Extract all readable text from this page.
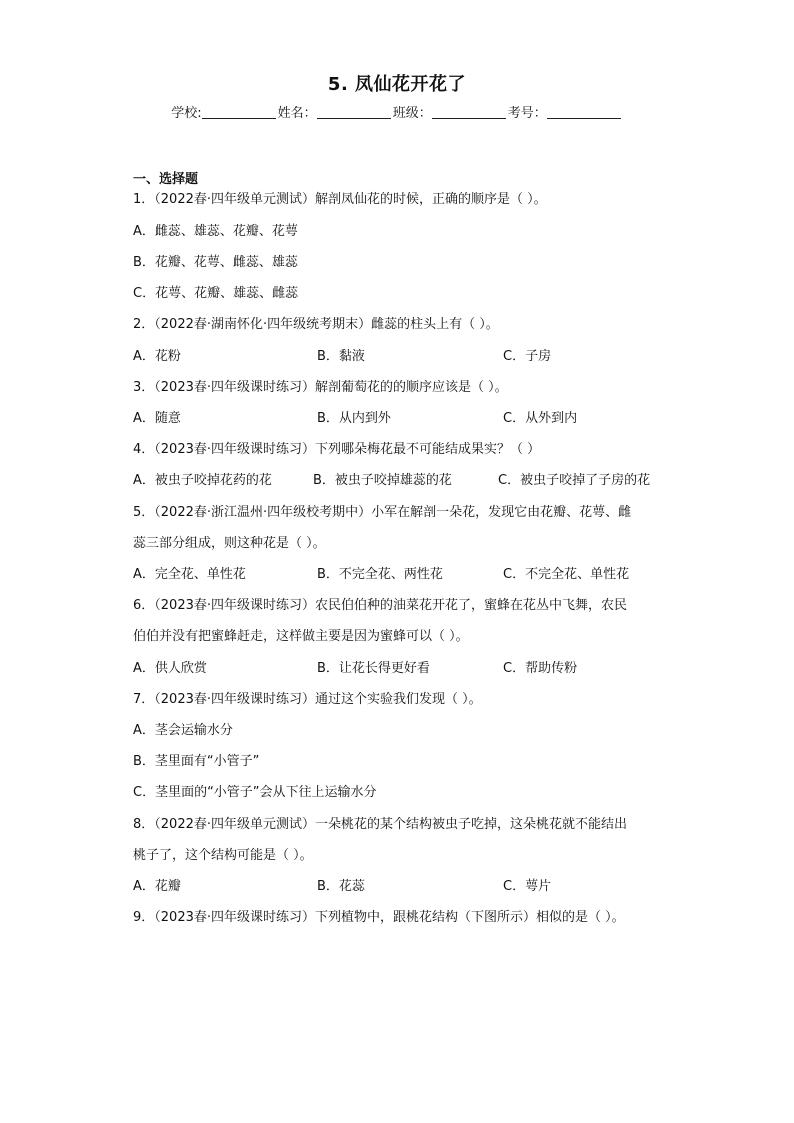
5. 凤仙花开花了
学校:	姓名：	班级：	考号：
一、选择题
1．（2022春·四年级单元测试）解剖凤仙花的时候，正确的顺序是（ ）。
A．雌蕊、雄蕊、花瓣、花萼
B．花瓣、花萼、雌蕊、雄蕊
C．花萼、花瓣、雄蕊、雌蕊
2．（2022春·湖南怀化·四年级统考期末）雌蕊的柱头上有（ ）。
A．花粉	B．黏液	C．子房
3．（2023春·四年级课时练习）解剖葡萄花的的顺序应该是（ ）。
A．随意	B．从内到外	C．从外到内
4．（2023春·四年级课时练习）下列哪朵梅花最不可能结成果实？（ ）
A．被虫子咬掉花药的花	B．被虫子咬掉雄蕊的花	C．被虫子咬掉了子房的花
5．（2022春·浙江温州·四年级校考期中）小军在解剖一朵花，发现它由花瓣、花萼、雌
蕊三部分组成，则这种花是（ ）。
A．完全花、单性花	B．不完全花、两性花	C．不完全花、单性花
6．（2023春·四年级课时练习）农民伯伯种的油菜花开花了，蜜蜂在花丛中飞舞，农民
伯伯并没有把蜜蜂赶走，这样做主要是因为蜜蜂可以（ ）。
A．供人欣赏	B．让花长得更好看	C．帮助传粉
7．（2023春·四年级课时练习）通过这个实验我们发现（ ）。
A．茎会运输水分
B．茎里面有“小管子”
C．茎里面的“小管子”会从下往上运输水分
8．（2022春·四年级单元测试）一朵桃花的某个结构被虫子吃掉，这朵桃花就不能结出
桃子了，这个结构可能是（ ）。
A．花瓣	B．花蕊	C．萼片
9．（2023春·四年级课时练习）下列植物中，跟桃花结构（下图所示）相似的是（ ）。
